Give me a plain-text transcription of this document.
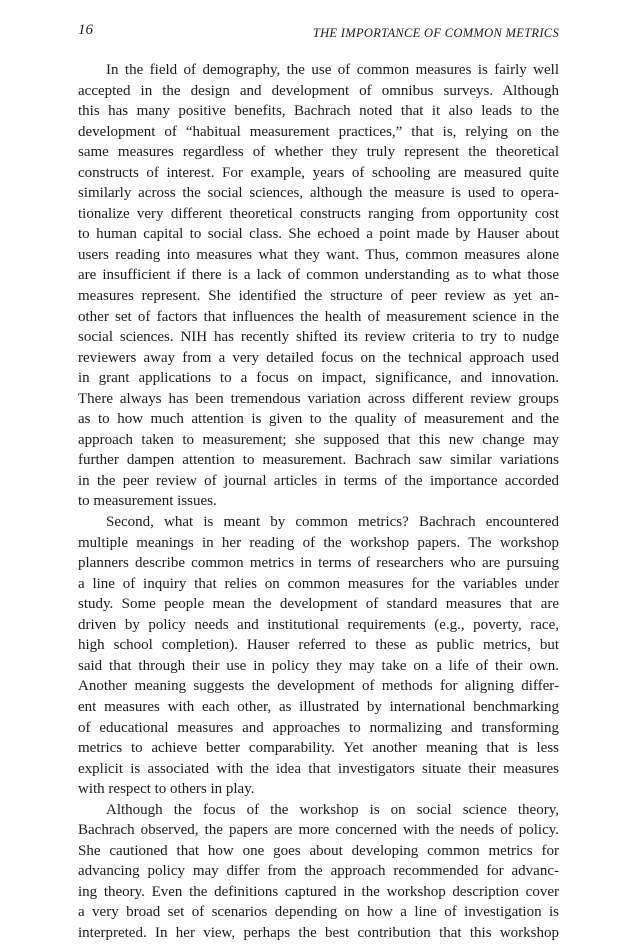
16	THE IMPORTANCE OF COMMON METRICS
In the field of demography, the use of common measures is fairly well
accepted in the design and development of omnibus surveys. Although
this has many positive benefits, Bachrach noted that it also leads to the
development of “habitual measurement practices,” that is, relying on the
same measures regardless of whether they truly represent the theoretical
constructs of interest. For example, years of schooling are measured quite
similarly across the social sciences, although the measure is used to opera-
tionalize very different theoretical constructs ranging from opportunity cost
to human capital to social class. She echoed a point made by Hauser about
users reading into measures what they want. Thus, common measures alone
are insufficient if there is a lack of common understanding as to what those
measures represent. She identified the structure of peer review as yet an-
other set of factors that influences the health of measurement science in the
social sciences. NIH has recently shifted its review criteria to try to nudge
reviewers away from a very detailed focus on the technical approach used
in grant applications to a focus on impact, significance, and innovation.
There always has been tremendous variation across different review groups
as to how much attention is given to the quality of measurement and the
approach taken to measurement; she supposed that this new change may
further dampen attention to measurement. Bachrach saw similar variations
in the peer review of journal articles in terms of the importance accorded
to measurement issues.
Second, what is meant by common metrics? Bachrach encountered
multiple meanings in her reading of the workshop papers. The workshop
planners describe common metrics in terms of researchers who are pursuing
a line of inquiry that relies on common measures for the variables under
study. Some people mean the development of standard measures that are
driven by policy needs and institutional requirements (e.g., poverty, race,
high school completion). Hauser referred to these as public metrics, but
said that through their use in policy they may take on a life of their own.
Another meaning suggests the development of methods for aligning differ-
ent measures with each other, as illustrated by international benchmarking
of educational measures and approaches to normalizing and transforming
metrics to achieve better comparability. Yet another meaning that is less
explicit is associated with the idea that investigators situate their measures
with respect to others in play.
Although the focus of the workshop is on social science theory,
Bachrach observed, the papers are more concerned with the needs of policy.
She cautioned that how one goes about developing common metrics for
advancing policy may differ from the approach recommended for advanc-
ing theory. Even the definitions captured in the workshop description cover
a very broad set of scenarios depending on how a line of investigation is
interpreted. In her view, perhaps the best contribution that this workshop
